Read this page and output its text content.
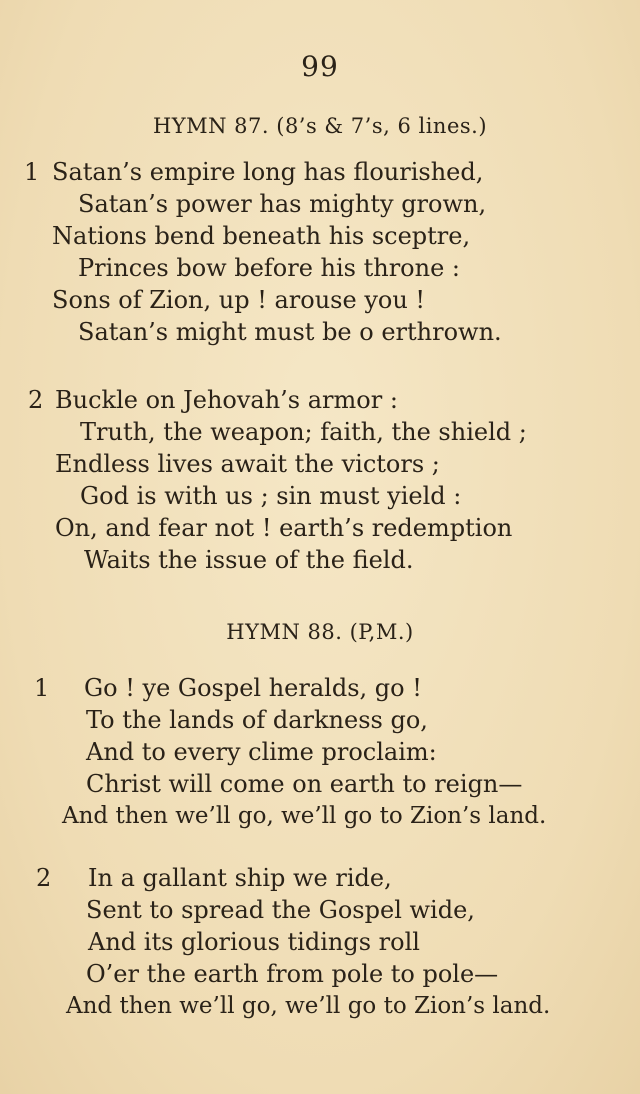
99
HYMN 87. (8’s & 7’s, 6 lines.)
1 Satan’s empire long has flourished,
Satan’s power has mighty grown,
Nations bend beneath his sceptre,
Princes bow before his throne :
Sons of Zion, up ! arouse you !
Satan’s might must be o erthrown.
2 Buckle on Jehovah’s armor :
Truth, the weapon; faith, the shield ;
Endless lives await the victors ;
God is with us ; sin must yield :
On, and fear not ! earth’s redemption
Waits the issue of the field.
HYMN 88. (P,M.)
1 Go ! ye Gospel heralds, go !
To the lands of darkness go,
And to every clime proclaim:
Christ will come on earth to reign—
And then we’ll go, we’ll go to Zion’s land.
2 In a gallant ship we ride,
Sent to spread the Gospel wide,
And its glorious tidings roll
O’er the earth from pole to pole—
And then we’ll go, we’ll go to Zion’s land.
